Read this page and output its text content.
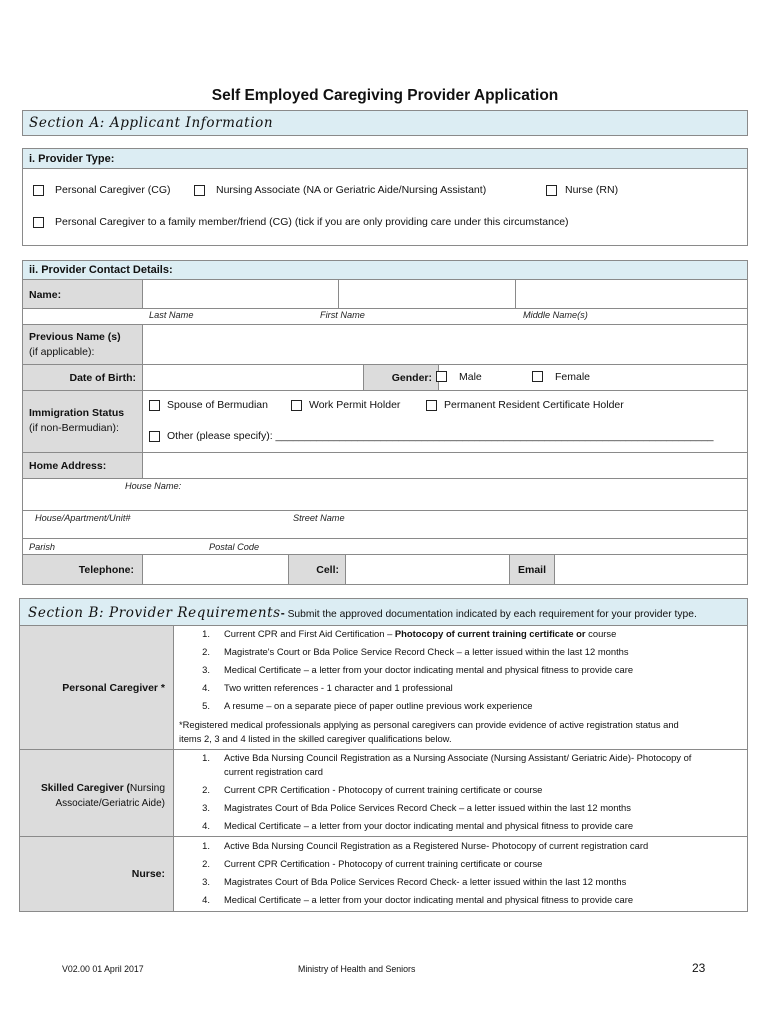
Self Employed Caregiving Provider Application
Section A: Applicant Information
i. Provider Type:
Personal Caregiver (CG)	Nursing Associate (NA or Geriatric Aide/Nursing Assistant)	Nurse (RN)
Personal Caregiver to a family member/friend (CG) (tick if you are only providing care under this circumstance)
ii. Provider Contact Details:
Name:
Last Name	First Name	Middle Name(s)
Previous Name (s)
(if applicable):
Date of Birth:	Gender:	Male	Female
Immigration Status
(if non-Bermudian):
Spouse of Bermudian	Work Permit Holder	Permanent Resident Certificate Holder
Other (please specify): ___________________________________________________________________________
Home Address:
House Name:
House/Apartment/Unit#	Street Name
Parish	Postal Code
Telephone:	Cell:	Email
Section B: Provider Requirements- Submit the approved documentation indicated by each requirement for your provider type.
Personal Caregiver *
1. Current CPR and First Aid Certification – Photocopy of current training certificate or course
2. Magistrate's Court or Bda Police Service Record Check – a letter issued within the last 12 months
3. Medical Certificate – a letter from your doctor indicating mental and physical fitness to provide care
4. Two written references - 1 character and 1 professional
5. A resume – on a separate piece of paper outline previous work experience
*Registered medical professionals applying as personal caregivers can provide evidence of active registration status and
items 2, 3 and 4 listed in the skilled caregiver qualifications below.
Skilled Caregiver (Nursing
Associate/Geriatric Aide)
1. Active Bda Nursing Council Registration as a Nursing Associate (Nursing Assistant/ Geriatric Aide)- Photocopy of
current registration card
2. Current CPR Certification - Photocopy of current training certificate or course
3. Magistrates Court of Bda Police Services Record Check – a letter issued within the last 12 months
4. Medical Certificate – a letter from your doctor indicating mental and physical fitness to provide care
Nurse:
1. Active Bda Nursing Council Registration as a Registered Nurse- Photocopy of current registration card
2. Current CPR Certification - Photocopy of current training certificate or course
3. Magistrates Court of Bda Police Services Record Check- a letter issued within the last 12 months
4. Medical Certificate – a letter from your doctor indicating mental and physical fitness to provide care
V02.00 01 April 2017	Ministry of Health and Seniors	23
